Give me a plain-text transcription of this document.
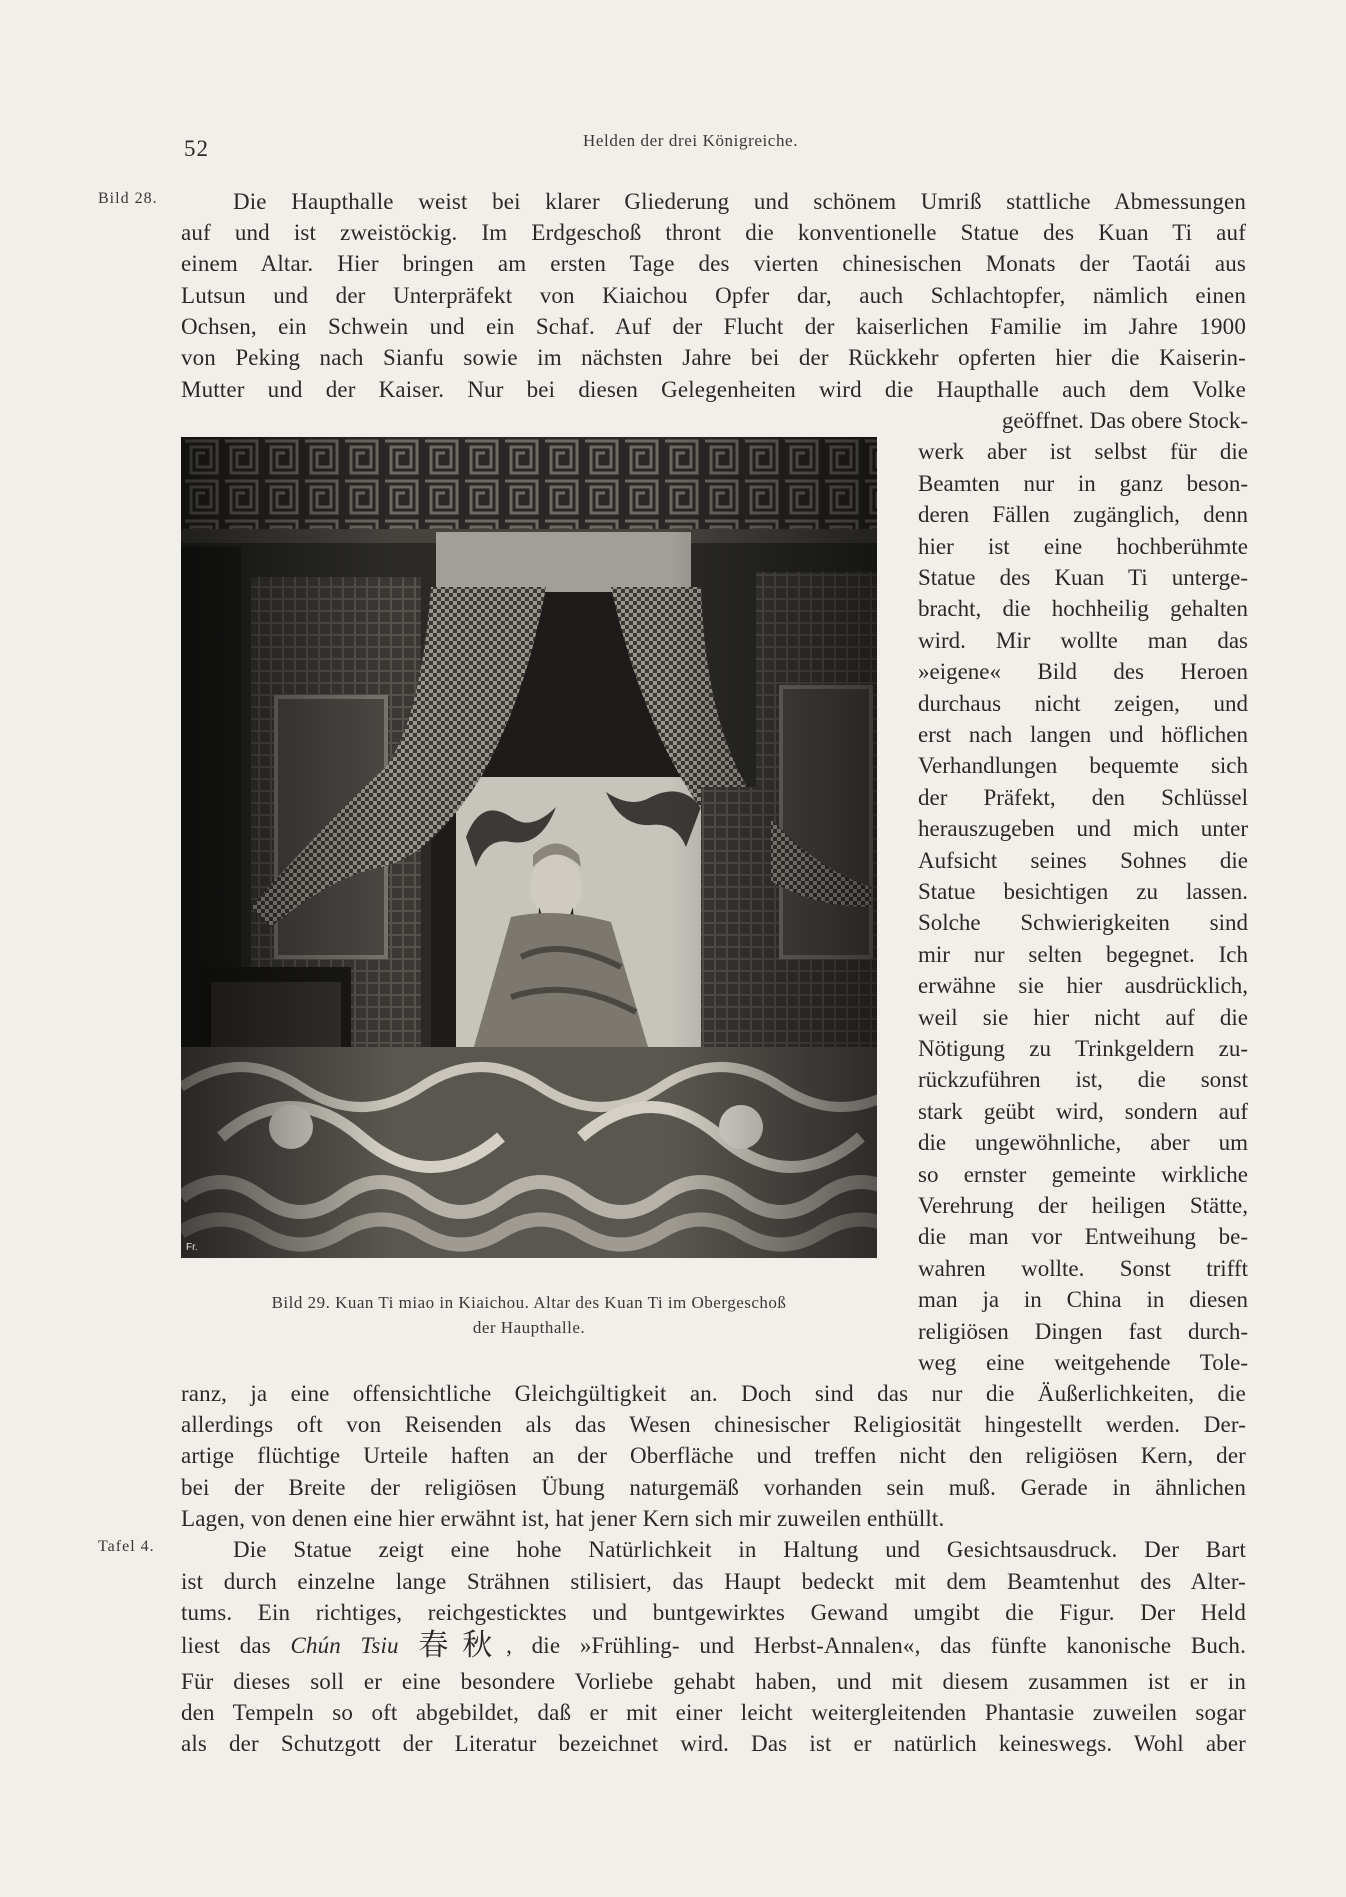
52	Helden der drei Königreiche.
Bild 28.
Tafel 4.
Die Haupthalle weist bei klarer Gliederung und schönem Umriß stattliche Abmessungen
auf und ist zweistöckig. Im Erdgeschoß thront die konventionelle Statue des Kuan Ti auf
einem Altar. Hier bringen am ersten Tage des vierten chinesischen Monats der Taotái aus
Lutsun und der Unterpräfekt von Kiaichou Opfer dar, auch Schlachtopfer, nämlich einen
Ochsen, ein Schwein und ein Schaf. Auf der Flucht der kaiserlichen Familie im Jahre 1900
von Peking nach Sianfu sowie im nächsten Jahre bei der Rückkehr opferten hier die Kaiserin-
Mutter und der Kaiser. Nur bei diesen Gelegenheiten wird die Haupthalle auch dem Volke
Fr.
Bild 29. Kuan Ti miao in Kiaichou. Altar des Kuan Ti im Obergeschoß
der Haupthalle.
geöffnet. Das obere Stock-
werk aber ist selbst für die
Beamten nur in ganz beson-
deren Fällen zugänglich, denn
hier ist eine hochberühmte
Statue des Kuan Ti unterge-
bracht, die hochheilig gehalten
wird. Mir wollte man das
»eigene« Bild des Heroen
durchaus nicht zeigen, und
erst nach langen und höflichen
Verhandlungen bequemte sich
der Präfekt, den Schlüssel
herauszugeben und mich unter
Aufsicht seines Sohnes die
Statue besichtigen zu lassen.
Solche Schwierigkeiten sind
mir nur selten begegnet. Ich
erwähne sie hier ausdrücklich,
weil sie hier nicht auf die
Nötigung zu Trinkgeldern zu-
rückzuführen ist, die sonst
stark geübt wird, sondern auf
die ungewöhnliche, aber um
so ernster gemeinte wirkliche
Verehrung der heiligen Stätte,
die man vor Entweihung be-
wahren wollte. Sonst trifft
man ja in China in diesen
religiösen Dingen fast durch-
weg eine weitgehende Tole-
ranz, ja eine offensichtliche Gleichgültigkeit an. Doch sind das nur die Äußerlichkeiten, die
allerdings oft von Reisenden als das Wesen chinesischer Religiosität hingestellt werden. Der-
artige flüchtige Urteile haften an der Oberfläche und treffen nicht den religiösen Kern, der
bei der Breite der religiösen Übung naturgemäß vorhanden sein muß. Gerade in ähnlichen
Lagen, von denen eine hier erwähnt ist, hat jener Kern sich mir zuweilen enthüllt.
Die Statue zeigt eine hohe Natürlichkeit in Haltung und Gesichtsausdruck. Der Bart
ist durch einzelne lange Strähnen stilisiert, das Haupt bedeckt mit dem Beamtenhut des Alter-
tums. Ein richtiges, reichgesticktes und buntgewirktes Gewand umgibt die Figur. Der Held
liest das Chún Tsiu 春秋, die »Frühling- und Herbst-Annalen«, das fünfte kanonische Buch.
Für dieses soll er eine besondere Vorliebe gehabt haben, und mit diesem zusammen ist er in
den Tempeln so oft abgebildet, daß er mit einer leicht weitergleitenden Phantasie zuweilen sogar
als der Schutzgott der Literatur bezeichnet wird. Das ist er natürlich keineswegs. Wohl aber
